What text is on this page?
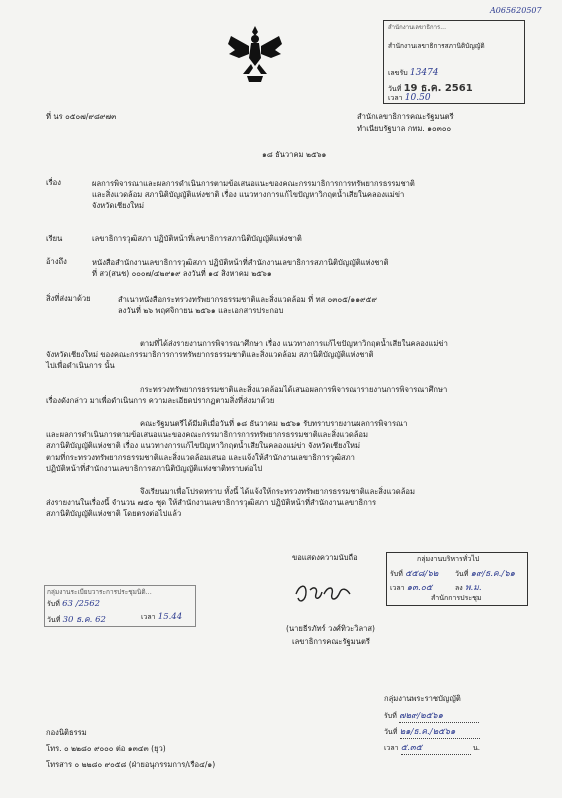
A065620507
สำนักงานเลขาธิการ...
สำนักงานเลขาธิการสภานิติบัญญัติ
เลขรับ 13474
วันที่ 19 ธ.ค. 2561
เวลา 10.50
ที่ นร ๐๕๐๗/๙๘๙๗๓	สำนักเลขาธิการคณะรัฐมนตรี
ทำเนียบรัฐบาล กทม. ๑๐๓๐๐
๑๘ ธันวาคม ๒๕๖๑
เรื่อง	ผลการพิจารณาและผลการดำเนินการตามข้อเสนอแนะของคณะกรรมาธิการการทรัพยากรธรรมชาติ
และสิ่งแวดล้อม สภานิติบัญญัติแห่งชาติ เรื่อง แนวทางการแก้ไขปัญหาวิกฤตน้ำเสียในคลองแม่ข่า
จังหวัดเชียงใหม่
เรียน	เลขาธิการวุฒิสภา ปฏิบัติหน้าที่เลขาธิการสภานิติบัญญัติแห่งชาติ
อ้างถึง	หนังสือสำนักงานเลขาธิการวุฒิสภา ปฏิบัติหน้าที่สำนักงานเลขาธิการสภานิติบัญญัติแห่งชาติ
ที่ สว(สนช) ๐๐๐๗/๔๒๙๑๙ ลงวันที่ ๑๔ สิงหาคม ๒๕๖๑
สิ่งที่ส่งมาด้วย	สำเนาหนังสือกระทรวงทรัพยากรธรรมชาติและสิ่งแวดล้อม ที่ ทส ๐๓๐๕/๑๑๙๕๙
ลงวันที่ ๒๖ พฤศจิกายน ๒๕๖๑ และเอกสารประกอบ
ตามที่ได้ส่งรายงานการพิจารณาศึกษา เรื่อง แนวทางการแก้ไขปัญหาวิกฤตน้ำเสียในคลองแม่ข่า
จังหวัดเชียงใหม่ ของคณะกรรมาธิการการทรัพยากรธรรมชาติและสิ่งแวดล้อม สภานิติบัญญัติแห่งชาติ
ไปเพื่อดำเนินการ นั้น
กระทรวงทรัพยากรธรรมชาติและสิ่งแวดล้อมได้เสนอผลการพิจารณารายงานการพิจารณาศึกษา
เรื่องดังกล่าว มาเพื่อดำเนินการ ความละเอียดปรากฏตามสิ่งที่ส่งมาด้วย
คณะรัฐมนตรีได้มีมติเมื่อวันที่ ๑๘ ธันวาคม ๒๕๖๑ รับทราบรายงานผลการพิจารณา
และผลการดำเนินการตามข้อเสนอแนะของคณะกรรมาธิการการทรัพยากรธรรมชาติและสิ่งแวดล้อม
สภานิติบัญญัติแห่งชาติ เรื่อง แนวทางการแก้ไขปัญหาวิกฤตน้ำเสียในคลองแม่ข่า จังหวัดเชียงใหม่
ตามที่กระทรวงทรัพยากรธรรมชาติและสิ่งแวดล้อมเสนอ และแจ้งให้สำนักงานเลขาธิการวุฒิสภา
ปฏิบัติหน้าที่สำนักงานเลขาธิการสภานิติบัญญัติแห่งชาติทราบต่อไป
จึงเรียนมาเพื่อโปรดทราบ ทั้งนี้ ได้แจ้งให้กระทรวงทรัพยากรธรรมชาติและสิ่งแวดล้อม
ส่งรายงานในเรื่องนี้ จำนวน ๗๕๐ ชุด ให้สำนักงานเลขาธิการวุฒิสภา ปฏิบัติหน้าที่สำนักงานเลขาธิการ
สภานิติบัญญัติแห่งชาติ โดยตรงต่อไปแล้ว
ขอแสดงความนับถือ
(นายธีรภัทร์ วงศ์ทิวะวิลาส)
เลขาธิการคณะรัฐมนตรี
กลุ่มงานระเบียบวาระการประชุมนิติ...
รับที่ 63 /2562
วันที่ 30 ธ.ค. 62	เวลา 15.44
กลุ่มงานบริหารทั่วไป
รับที่ ๕๕๘/๖๒ วันที่ ๑๙/ธ.ค./๖๑
เวลา ๑๓.๐๕	ลง พ.ม.
สำนักการประชุม
กลุ่มงานพระราชบัญญัติ
รับที่ ๗๒๙/๒๕๖๑
วันที่ ๒๑/ธ.ค./๒๕๖๑
เวลา ๕.๓๕	น.
กองนิติธรรม
โทร. ๐ ๒๒๘๐ ๙๐๐๐ ต่อ ๑๓๔๓ (ยุว)
โทรสาร ๐ ๒๒๘๐ ๙๐๕๘ (ฝ่ายอนุกรรมการ/เรือ๔/๑)
